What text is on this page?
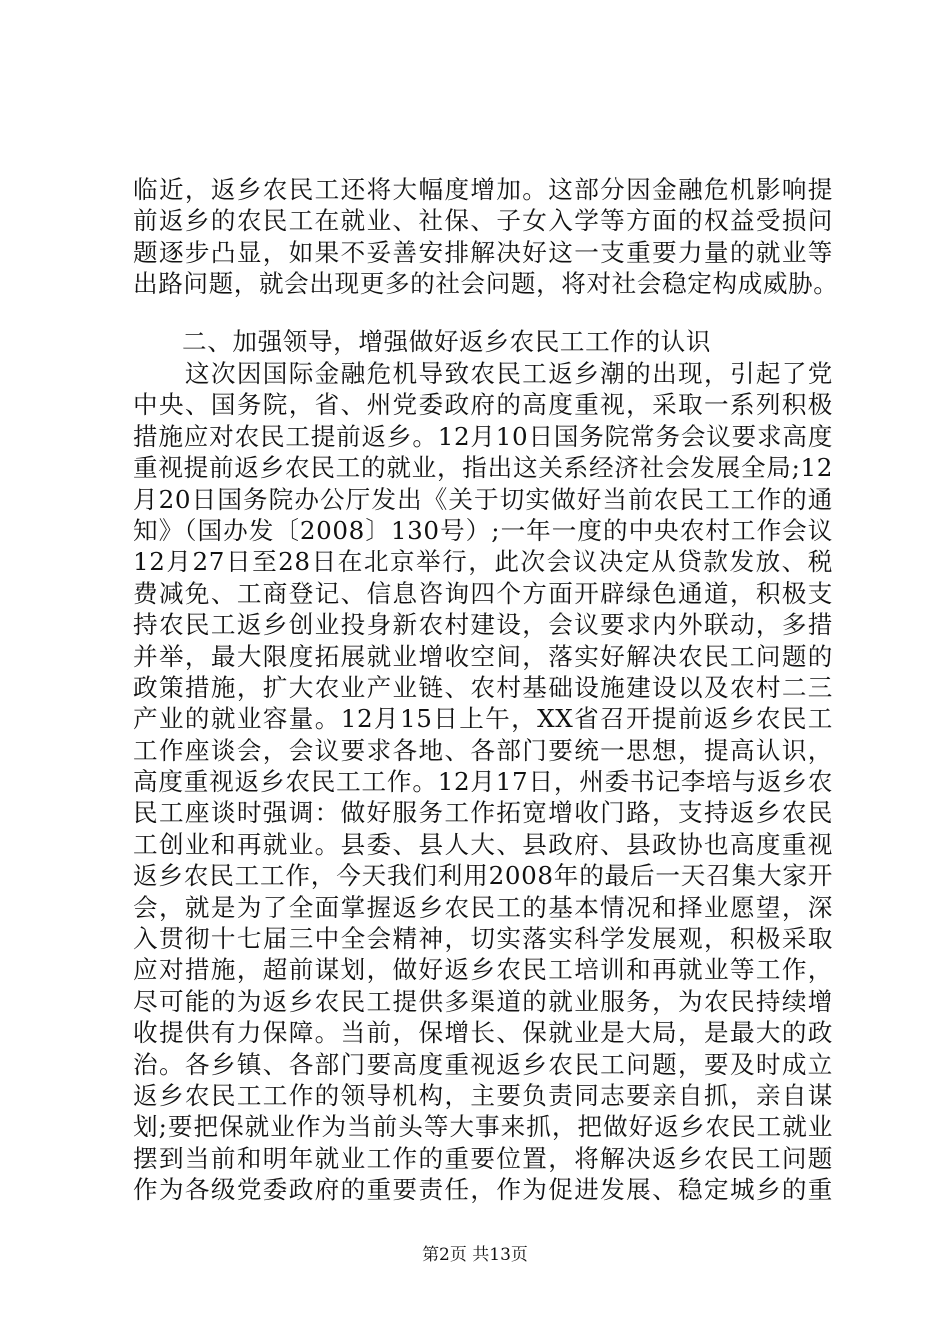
临近，返乡农民工还将大幅度增加。这部分因金融危机影响提
前返乡的农民工在就业、社保、子女入学等方面的权益受损问
题逐步凸显，如果不妥善安排解决好这一支重要力量的就业等
出路问题，就会出现更多的社会问题，将对社会稳定构成威胁。
二、加强领导，增强做好返乡农民工工作的认识
　　这次因国际金融危机导致农民工返乡潮的出现，引起了党
中央、国务院，省、州党委政府的高度重视，采取一系列积极
措施应对农民工提前返乡。12月10日国务院常务会议要求高度
重视提前返乡农民工的就业，指出这关系经济社会发展全局;12
月20日国务院办公厅发出《关于切实做好当前农民工工作的通
知》（国办发〔2008〕130号）;一年一度的中央农村工作会议
12月27日至28日在北京举行，此次会议决定从贷款发放、税
费减免、工商登记、信息咨询四个方面开辟绿色通道，积极支
持农民工返乡创业投身新农村建设，会议要求内外联动，多措
并举，最大限度拓展就业增收空间，落实好解决农民工问题的
政策措施，扩大农业产业链、农村基础设施建设以及农村二三
产业的就业容量。12月15日上午，XX省召开提前返乡农民工
工作座谈会，会议要求各地、各部门要统一思想，提高认识，
高度重视返乡农民工工作。12月17日，州委书记李培与返乡农
民工座谈时强调：做好服务工作拓宽增收门路，支持返乡农民
工创业和再就业。县委、县人大、县政府、县政协也高度重视
返乡农民工工作，今天我们利用2008年的最后一天召集大家开
会，就是为了全面掌握返乡农民工的基本情况和择业愿望，深
入贯彻十七届三中全会精神，切实落实科学发展观，积极采取
应对措施，超前谋划，做好返乡农民工培训和再就业等工作，
尽可能的为返乡农民工提供多渠道的就业服务，为农民持续增
收提供有力保障。当前，保增长、保就业是大局，是最大的政
治。各乡镇、各部门要高度重视返乡农民工问题，要及时成立
返乡农民工工作的领导机构，主要负责同志要亲自抓，亲自谋
划;要把保就业作为当前头等大事来抓，把做好返乡农民工就业
摆到当前和明年就业工作的重要位置，将解决返乡农民工问题
作为各级党委政府的重要责任，作为促进发展、稳定城乡的重
第2页 共13页
